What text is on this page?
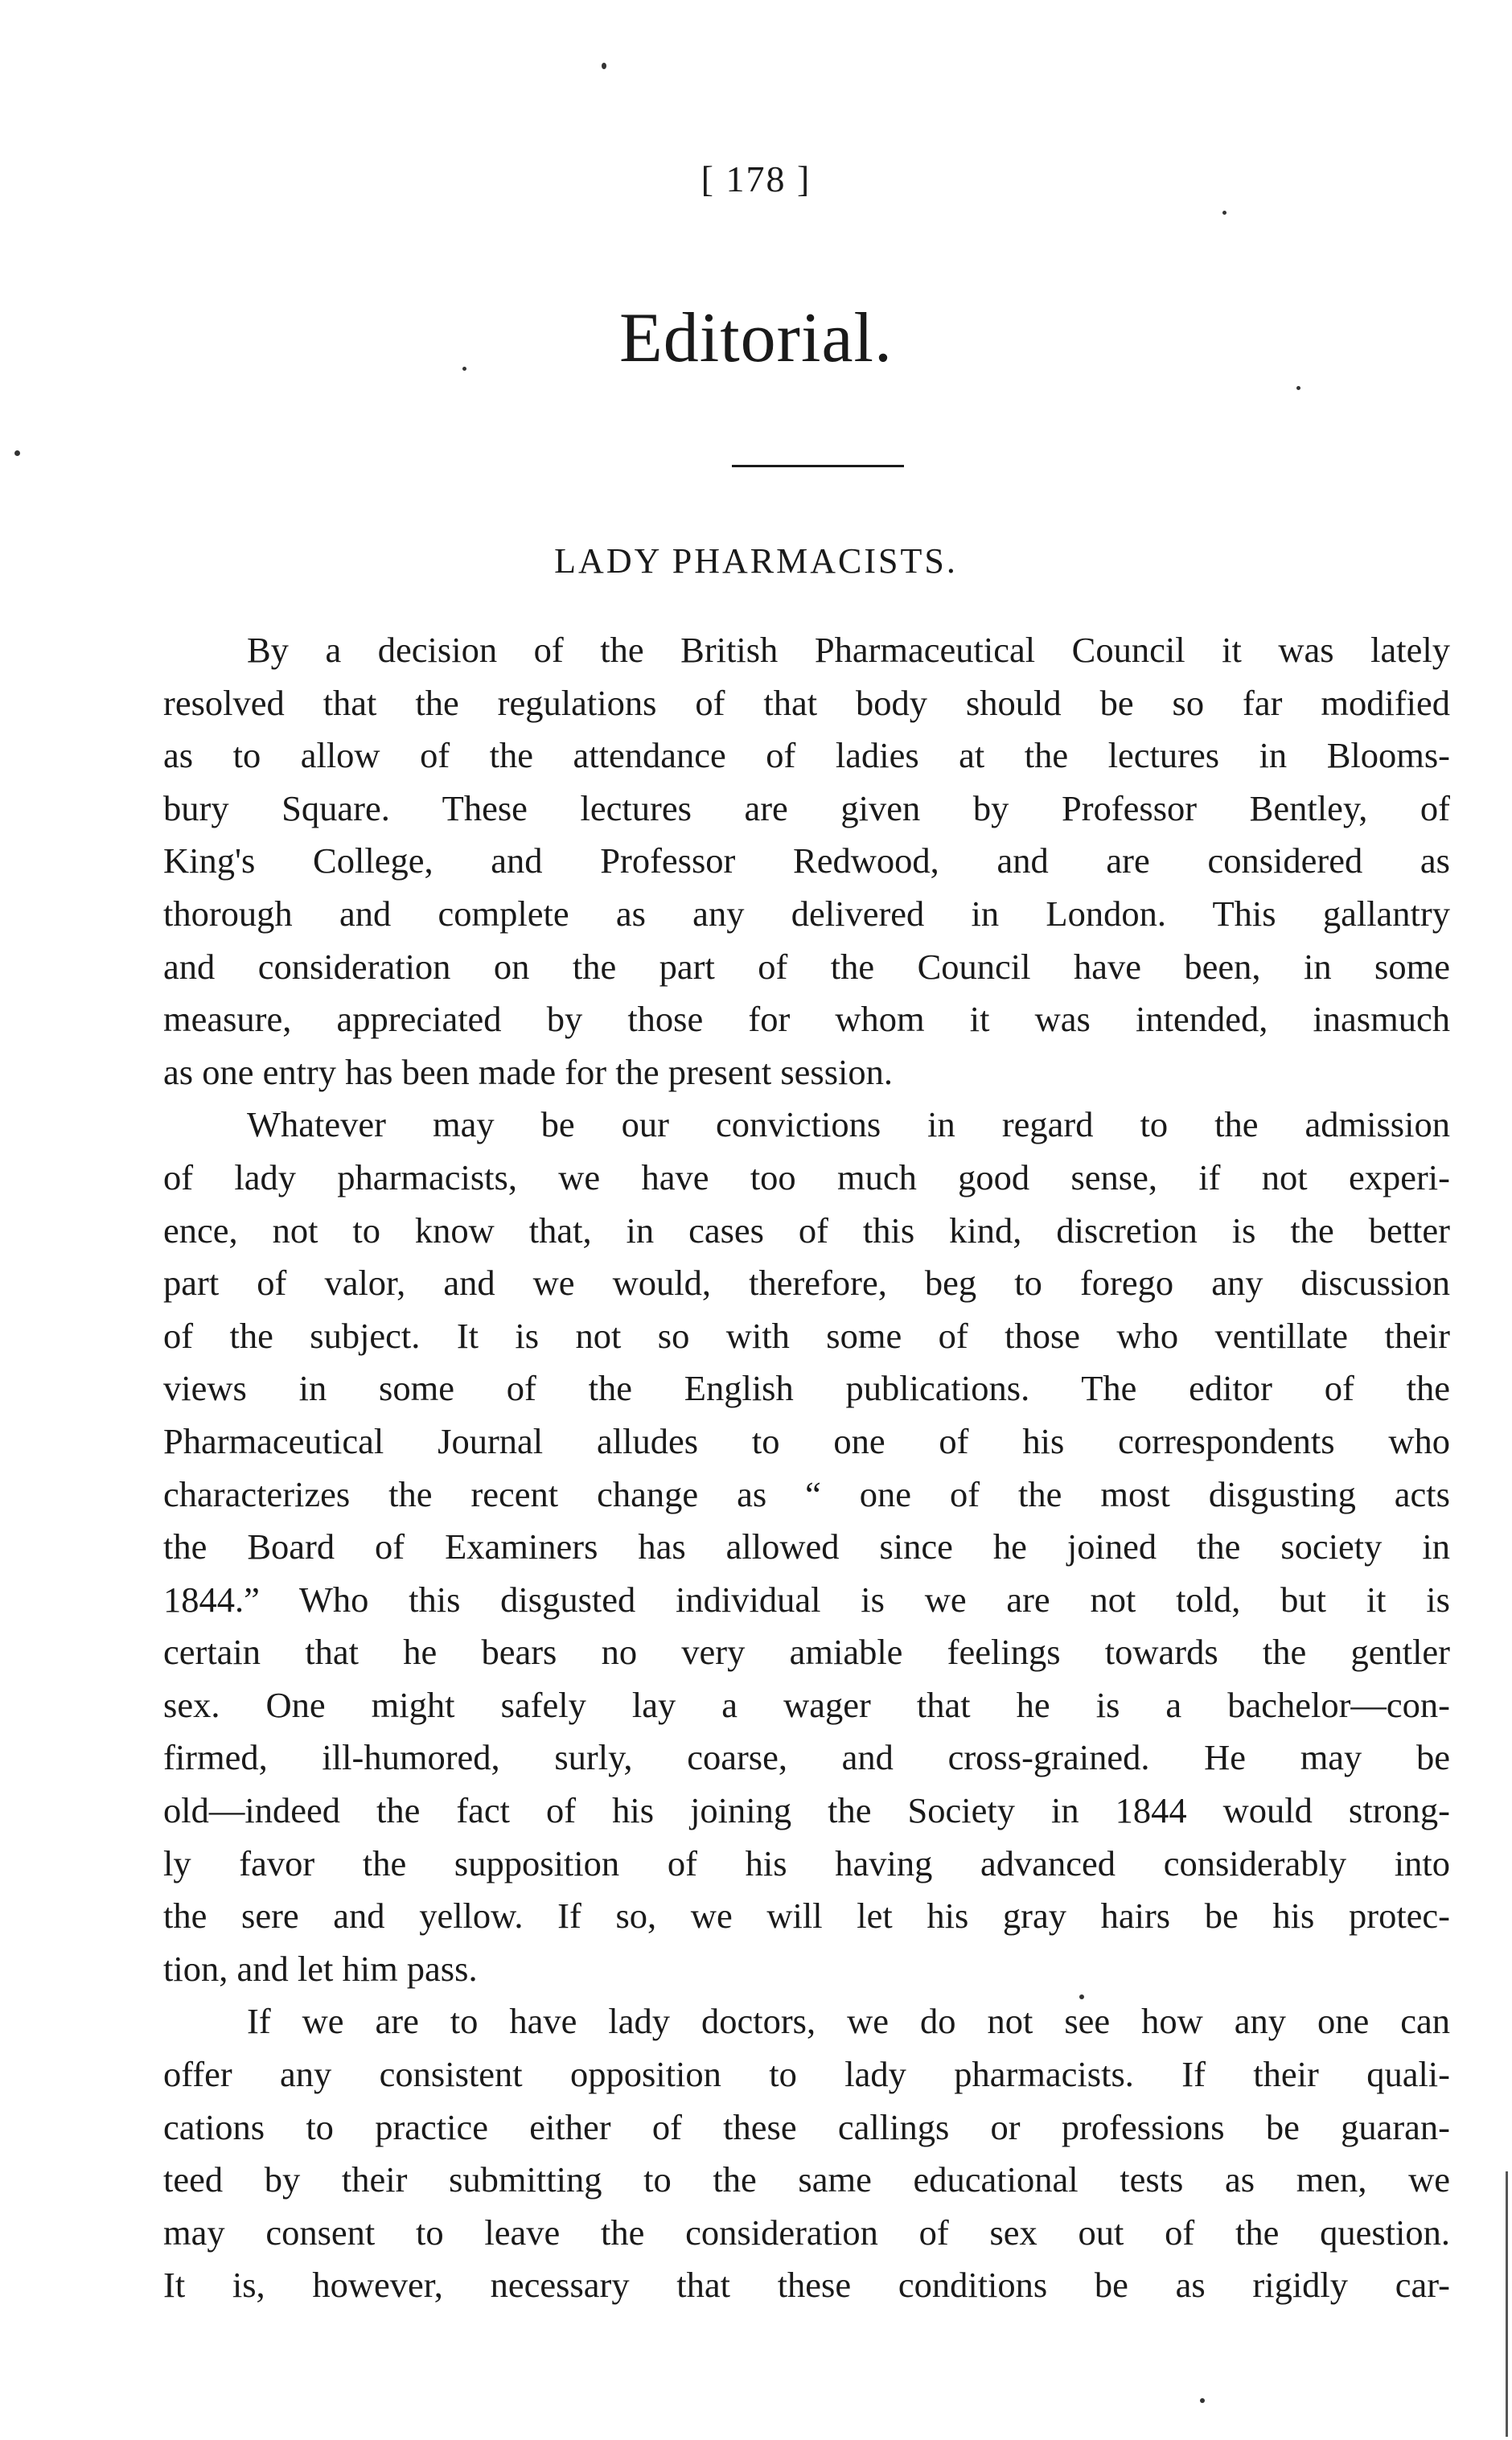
[ 178 ]
Editorial.
LADY PHARMACISTS.

By a decision of the British Pharmaceutical Council it was lately
resolved that the regulations of that body should be so far modified
as to allow of the attendance of ladies at the lectures in Blooms-
bury Square. These lectures are given by Professor Bentley, of
King's College, and Professor Redwood, and are considered as
thorough and complete as any delivered in London. This gallantry
and consideration on the part of the Council have been, in some
measure, appreciated by those for whom it was intended, inasmuch
as one entry has been made for the present session.

Whatever may be our convictions in regard to the admission
of lady pharmacists, we have too much good sense, if not experi-
ence, not to know that, in cases of this kind, discretion is the better
part of valor, and we would, therefore, beg to forego any discussion
of the subject. It is not so with some of those who ventillate their
views in some of the English publications. The editor of the
Pharmaceutical Journal alludes to one of his correspondents who
characterizes the recent change as “ one of the most disgusting acts
the Board of Examiners has allowed since he joined the society in
1844.” Who this disgusted individual is we are not told, but it is
certain that he bears no very amiable feelings towards the gentler
sex. One might safely lay a wager that he is a bachelor—con-
firmed, ill-humored, surly, coarse, and cross-grained. He may be
old—indeed the fact of his joining the Society in 1844 would strong-
ly favor the supposition of his having advanced considerably into
the sere and yellow. If so, we will let his gray hairs be his protec-
tion, and let him pass.

If we are to have lady doctors, we do not see how any one can
offer any consistent opposition to lady pharmacists. If their quali-
cations to practice either of these callings or professions be guaran-
teed by their submitting to the same educational tests as men, we
may consent to leave the consideration of sex out of the question.
It is, however, necessary that these conditions be as rigidly car-
